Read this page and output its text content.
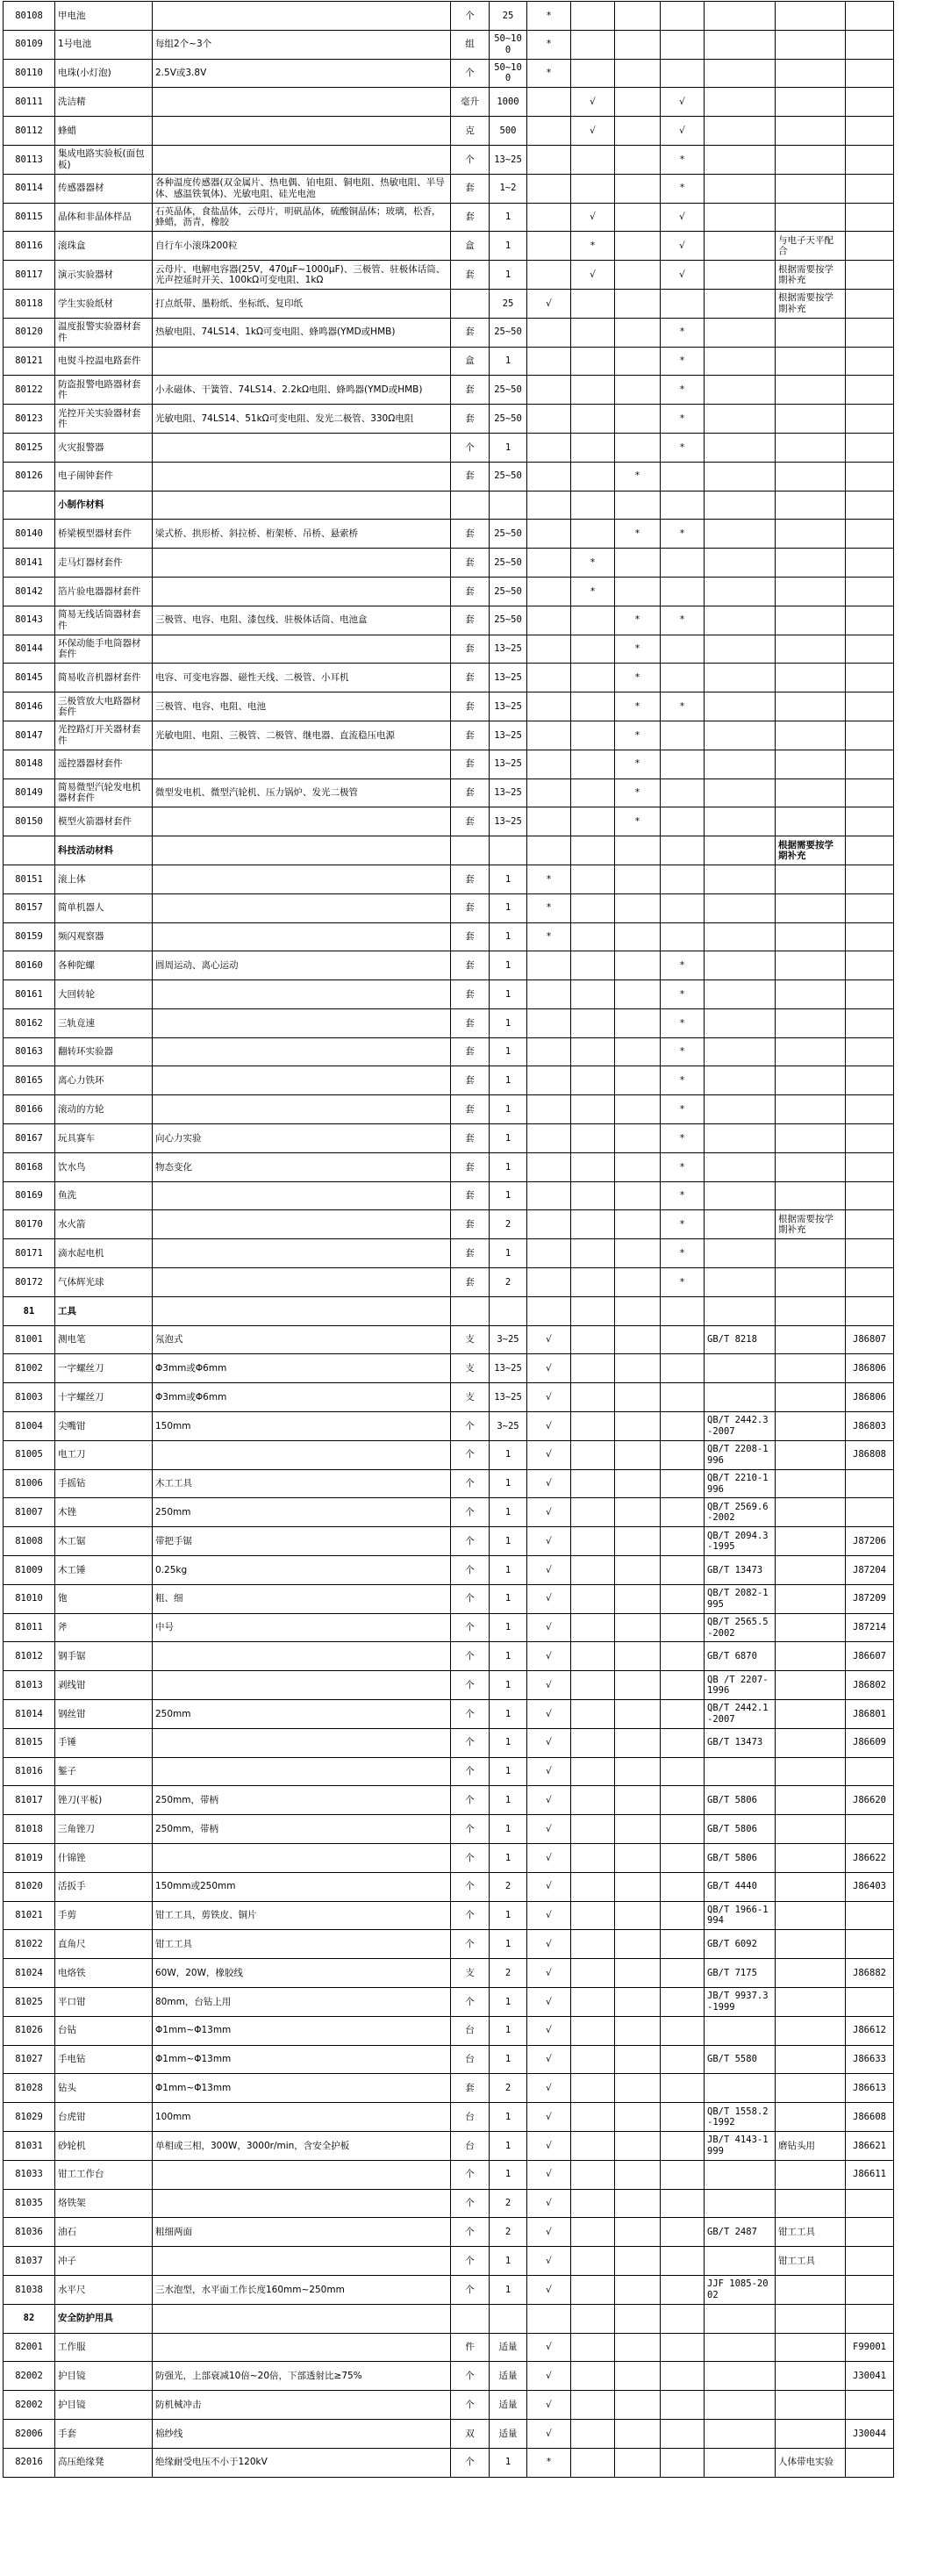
80108	甲电池		个	25	*						
80109	1号电池	每组2个~3个	组	50~100	*						
80110	电珠(小灯泡)	2.5V或3.8V	个	50~100	*						
80111	洗洁精		毫升	1000		√		√			
80112	蜂蜡		克	500		√		√			
80113	集成电路实验板(面包板)		个	13~25				*			
80114	传感器器材	各种温度传感器(双金属片、热电偶、铂电阻、铜电阻、热敏电阻、半导体、感温铁氧体)、光敏电阻、硅光电池	套	1~2				*			
80115	晶体和非晶体样品	石英晶体，食盐晶体，云母片，明矾晶体，硫酸铜晶体；玻璃，松香，蜂蜡，沥青，橡胶	套	1		√		√			
80116	滚珠盒	自行车小滚珠200粒	盒	1		*		√		与电子天平配合	
80117	演示实验器材	云母片、电解电容器(25V，470μF~1000μF)、三极管、驻极体话筒、光声控延时开关、100kΩ可变电阻、1kΩ	套	1		√		√		根据需要按学期补充	
80118	学生实验纸材	打点纸带、墨粉纸、坐标纸、复印纸		25	√					根据需要按学期补充	
80120	温度报警实验器材套件	热敏电阻、74LS14、1kΩ可变电阻、蜂鸣器(YMD或HMB)	套	25~50				*			
80121	电熨斗控温电路套件		盒	1				*			
80122	防盗报警电路器材套件	小永磁体、干簧管、74LS14、2.2kΩ电阻、蜂鸣器(YMD或HMB)	套	25~50				*			
80123	光控开关实验器材套件	光敏电阻、74LS14、51kΩ可变电阻、发光二极管、330Ω电阻	套	25~50				*			
80125	火灾报警器		个	1				*			
80126	电子闹钟套件		套	25~50			*				
	小制作材料										
80140	桥梁模型器材套件	梁式桥、拱形桥、斜拉桥、桁架桥、吊桥、悬索桥	套	25~50			*	*			
80141	走马灯器材套件		套	25~50		*					
80142	箔片验电器器材套件		套	25~50		*					
80143	简易无线话筒器材套件	三极管、电容、电阻、漆包线、驻极体话筒、电池盒	套	25~50			*	*			
80144	环保动能手电筒器材套件		套	13~25			*				
80145	简易收音机器材套件	电容、可变电容器、磁性天线、二极管、小耳机	套	13~25			*				
80146	三极管放大电路器材套件	三极管、电容、电阻、电池	套	13~25			*	*			
80147	光控路灯开关器材套件	光敏电阻、电阻、三极管、二极管、继电器、直流稳压电源	套	13~25			*				
80148	遥控器器材套件		套	13~25			*				
80149	简易微型汽轮发电机器材套件	微型发电机、微型汽轮机、压力锅炉、发光二极管	套	13~25			*				
80150	模型火箭器材套件		套	13~25			*				
	科技活动材料									根据需要按学期补充	
80151	滚上体		套	1	*						
80157	简单机器人		套	1	*						
80159	频闪观察器		套	1	*						
80160	各种陀螺	圆周运动、离心运动	套	1				*			
80161	大回转轮		套	1				*			
80162	三轨竟速		套	1				*			
80163	翻转环实验器		套	1				*			
80165	离心力铁环		套	1				*			
80166	滚动的方轮		套	1				*			
80167	玩具赛车	向心力实验	套	1				*			
80168	饮水鸟	物态变化	套	1				*			
80169	鱼洗		套	1				*			
80170	水火箭		套	2				*		根据需要按学期补充	
80171	滴水起电机		套	1				*			
80172	气体辉光球		套	2				*			
81	工具										
81001	测电笔	氖泡式	支	3~25	√				GB/T 8218		J86807
81002	一字螺丝刀	Φ3mm或Φ6mm	支	13~25	√						J86806
81003	十字螺丝刀	Φ3mm或Φ6mm	支	13~25	√						J86806
81004	尖嘴钳	150mm	个	3~25	√				QB/T 2442.3-2007		J86803
81005	电工刀		个	1	√				QB/T 2208-1996		J86808
81006	手摇钻	木工工具	个	1	√				QB/T 2210-1996		
81007	木锉	250mm	个	1	√				QB/T 2569.6-2002		
81008	木工锯	带把手锯	个	1	√				QB/T 2094.3-1995		J87206
81009	木工锤	0.25kg	个	1	√				GB/T 13473		J87204
81010	铇	粗、细	个	1	√				QB/T 2082-1995		J87209
81011	斧	中号	个	1	√				QB/T 2565.5-2002		J87214
81012	钢手锯		个	1	√				GB/T 6870		J86607
81013	剥线钳		个	1	√				QB /T 2207-1996		J86802
81014	钢丝钳	250mm	个	1	√				QB/T 2442.1-2007		J86801
81015	手锤		个	1	√				GB/T 13473		J86609
81016	錾子		个	1	√						
81017	锉刀(平板)	250mm，带柄	个	1	√				GB/T 5806		J86620
81018	三角锉刀	250mm，带柄	个	1	√				GB/T 5806		
81019	什锦锉		个	1	√				GB/T 5806		J86622
81020	活扳手	150mm或250mm	个	2	√				GB/T 4440		J86403
81021	手剪	钳工工具，剪铁皮、铜片	个	1	√				QB/T 1966-1994		
81022	直角尺	钳工工具	个	1	√				GB/T 6092		
81024	电烙铁	60W，20W，橡胶线	支	2	√				GB/T 7175		J86882
81025	平口钳	80mm，台钻上用	个	1	√				JB/T 9937.3-1999		
81026	台钻	Φ1mm~Φ13mm	台	1	√						J86612
81027	手电钻	Φ1mm~Φ13mm	台	1	√				GB/T 5580		J86633
81028	钻头	Φ1mm~Φ13mm	套	2	√						J86613
81029	台虎钳	100mm	台	1	√				QB/T 1558.2-1992		J86608
81031	砂轮机	单相或三相，300W，3000r/min，含安全护板	台	1	√				JB/T 4143-1999	磨钻头用	J86621
81033	钳工工作台		个	1	√						J86611
81035	烙铁架		个	2	√						
81036	油石	粗细两面	个	2	√				GB/T 2487	钳工工具	
81037	冲子		个	1	√					钳工工具	
81038	水平尺	三水泡型，水平面工作长度160mm~250mm	个	1	√				JJF 1085-2002		
82	安全防护用具										
82001	工作服		件	适量	√						F99001
82002	护目镜	防强光，上部衰减10倍~20倍，下部透射比≥75%	个	适量	√						J30041
82002	护目镜	防机械冲击	个	适量	√						
82006	手套	棉纱线	双	适量	√						J30044
82016	高压绝缘凳	绝缘耐受电压不小于120kV	个	1	*					人体带电实验	
